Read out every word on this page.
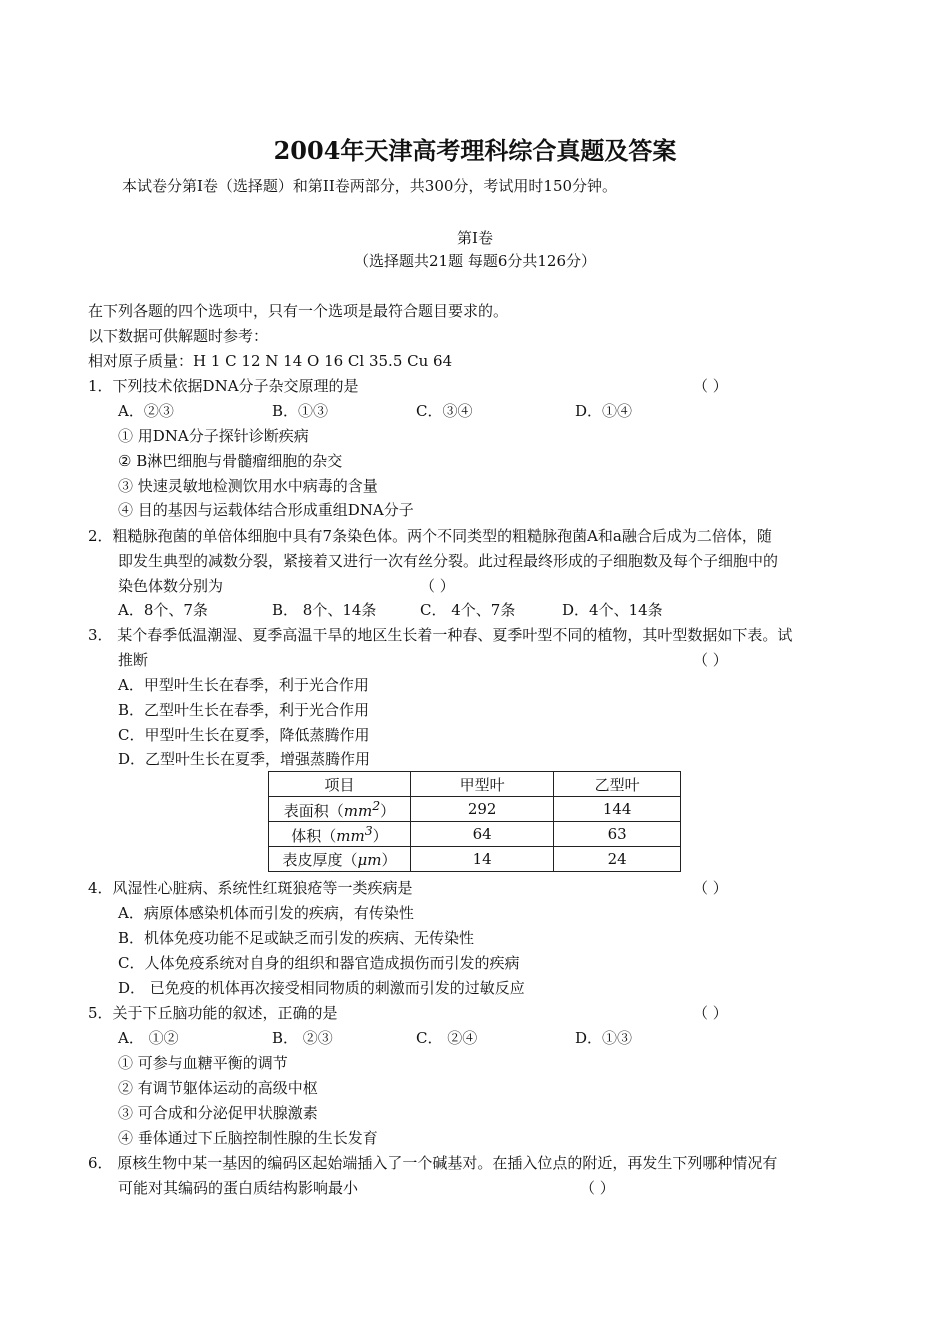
2004年天津高考理科综合真题及答案
本试卷分第Ⅰ卷（选择题）和第II卷两部分，共300分，考试用时150分钟。
第Ⅰ卷
（选择题共21题 每题6分共126分）
在下列各题的四个选项中，只有一个选项是最符合题目要求的。
以下数据可供解题时参考：
相对原子质量：H 1 C 12 N 14 O 16 Cl 35.5 Cu 64
1．下列技术依据DNA分子杂交原理的是	（ ）
A．②③	B．①③	C．③④	D．①④
① 用DNA分子探针诊断疾病
② B淋巴细胞与骨髓瘤细胞的杂交
③ 快速灵敏地检测饮用水中病毒的含量
④ 目的基因与运载体结合形成重组DNA分子
2．粗糙脉孢菌的单倍体细胞中具有7条染色体。两个不同类型的粗糙脉孢菌A和a融合后成为二倍体，随
即发生典型的减数分裂，紧接着又进行一次有丝分裂。此过程最终形成的子细胞数及每个子细胞中的
染色体数分别为	（ ）
A．8个、7条	B． 8个、14条	C． 4个、7条	D．4个、14条
3． 某个春季低温潮湿、夏季高温干旱的地区生长着一种春、夏季叶型不同的植物，其叶型数据如下表。试
推断	（ ）
A．甲型叶生长在春季，利于光合作用
B．乙型叶生长在春季，利于光合作用
C．甲型叶生长在夏季，降低蒸腾作用
D．乙型叶生长在夏季，增强蒸腾作用
项目	甲型叶	乙型叶
表面积$(mm^2)$	292	144
体积$(mm^3)$	64	63
表皮厚度（μm）	14	24
4．风湿性心脏病、系统性红斑狼疮等一类疾病是	（ ）
A．病原体感染机体而引发的疾病，有传染性
B．机体免疫功能不足或缺乏而引发的疾病、无传染性
C．人体免疫系统对自身的组织和器官造成损伤而引发的疾病
D． 已免疫的机体再次接受相同物质的刺激而引发的过敏反应
5．关于下丘脑功能的叙述，正确的是	（ ）
A． ①②	B． ②③	C． ②④	D．①③
① 可参与血糖平衡的调节
② 有调节躯体运动的高级中枢
③ 可合成和分泌促甲状腺激素
④ 垂体通过下丘脑控制性腺的生长发育
6． 原核生物中某一基因的编码区起始端插入了一个碱基对。在插入位点的附近，再发生下列哪种情况有
可能对其编码的蛋白质结构影响最小	（ ）
